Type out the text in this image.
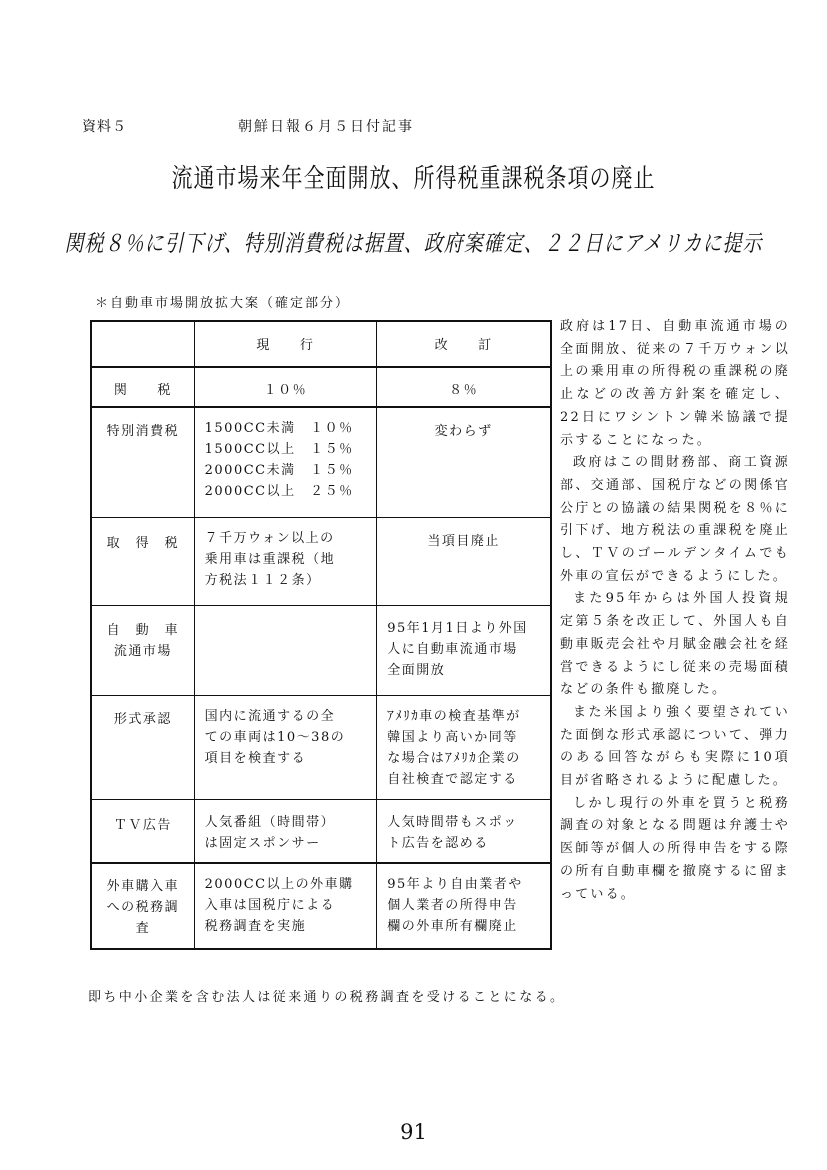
資料５	朝鮮日報６月５日付記事
流通市場来年全面開放、所得税重課税条項の廃止
関税８％に引下げ、特別消費税は据置、政府案確定、２２日にアメリカに提示
＊自動車市場開放拡大案（確定部分）
	現　　行	改　　訂
関　　税	１０％	８％
特別消費税	1500CC未満　１０％
1500CC以上　１５％
2000CC未満　１５％
2000CC以上　２５％	変わらず
取　得　税	７千万ウォン以上の
乗用車は重課税（地
方税法１１２条）	当項目廃止
自　動　車
流通市場		95年1月1日より外国
人に自動車流通市場
全面開放
形式承認	国内に流通するの全
ての車両は10～38の
項目を検査する	ｱﾒﾘｶ車の検査基準が
韓国より高いか同等
な場合はｱﾒﾘｶ企業の
自社検査で認定する
ＴＶ広告	人気番組（時間帯）
は固定スポンサー	人気時間帯もスポッ
ト広告を認める
外車購入車
への税務調
査	2000CC以上の外車購
入車は国税庁による
税務調査を実施	95年より自由業者や
個人業者の所得申告
欄の外車所有欄廃止

政府は17日、自動車流通市場の全面開放、従来の７千万ウォン以上の乗用車の所得税の重課税の廃止などの改善方針案を確定し、22日にワシントン韓米協議で提示することになった。

政府はこの間財務部、商工資源部、交通部、国税庁などの関係官公庁との協議の結果関税を８％に引下げ、地方税法の重課税を廃止し、ＴＶのゴールデンタイムでも外車の宣伝ができるようにした。

また95年からは外国人投資規定第５条を改正して、外国人も自動車販売会社や月賦金融会社を経営できるようにし従来の売場面積などの条件も撤廃した。

また米国より強く要望されていた面倒な形式承認について、弾力のある回答ながらも実際に10項目が省略されるように配慮した。

しかし現行の外車を買うと税務調査の対象となる問題は弁護士や医師等が個人の所得申告をする際の所有自動車欄を撤廃するに留まっている。

即ち中小企業を含む法人は従来通りの税務調査を受けることになる。
91
